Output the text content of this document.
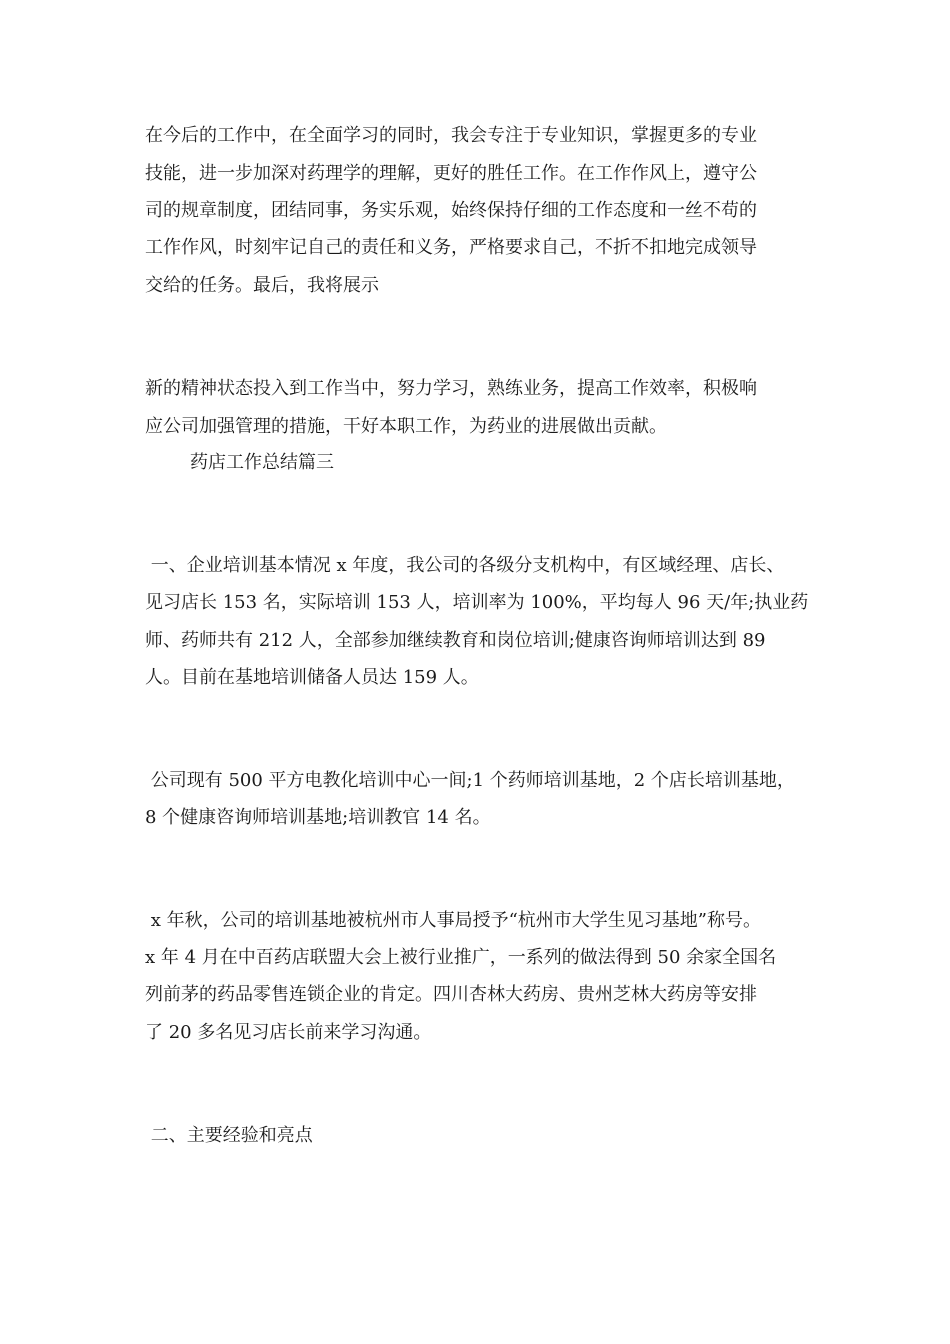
在今后的工作中，在全面学习的同时，我会专注于专业知识，掌握更多的专业
技能，进一步加深对药理学的理解，更好的胜任工作。在工作作风上，遵守公
司的规章制度，团结同事，务实乐观，始终保持仔细的工作态度和一丝不苟的
工作作风，时刻牢记自己的责任和义务，严格要求自己，不折不扣地完成领导
交给的任务。最后，我将展示
新的精神状态投入到工作当中，努力学习，熟练业务，提高工作效率，积极响
应公司加强管理的措施，干好本职工作，为药业的进展做出贡献。
药店工作总结篇三
一、企业培训基本情况 x 年度，我公司的各级分支机构中，有区域经理、店长、
见习店长 153 名，实际培训 153 人，培训率为 100%，平均每人 96 天/年;执业药
师、药师共有 212 人，全部参加继续教育和岗位培训;健康咨询师培训达到 89
人。目前在基地培训储备人员达 159 人。
公司现有 500 平方电教化培训中心一间;1 个药师培训基地，2 个店长培训基地，
8 个健康咨询师培训基地;培训教官 14 名。
x 年秋，公司的培训基地被杭州市人事局授予“杭州市大学生见习基地”称号。
x 年 4 月在中百药店联盟大会上被行业推广，一系列的做法得到 50 余家全国名
列前茅的药品零售连锁企业的肯定。四川杏林大药房、贵州芝林大药房等安排
了 20 多名见习店长前来学习沟通。
二、主要经验和亮点
